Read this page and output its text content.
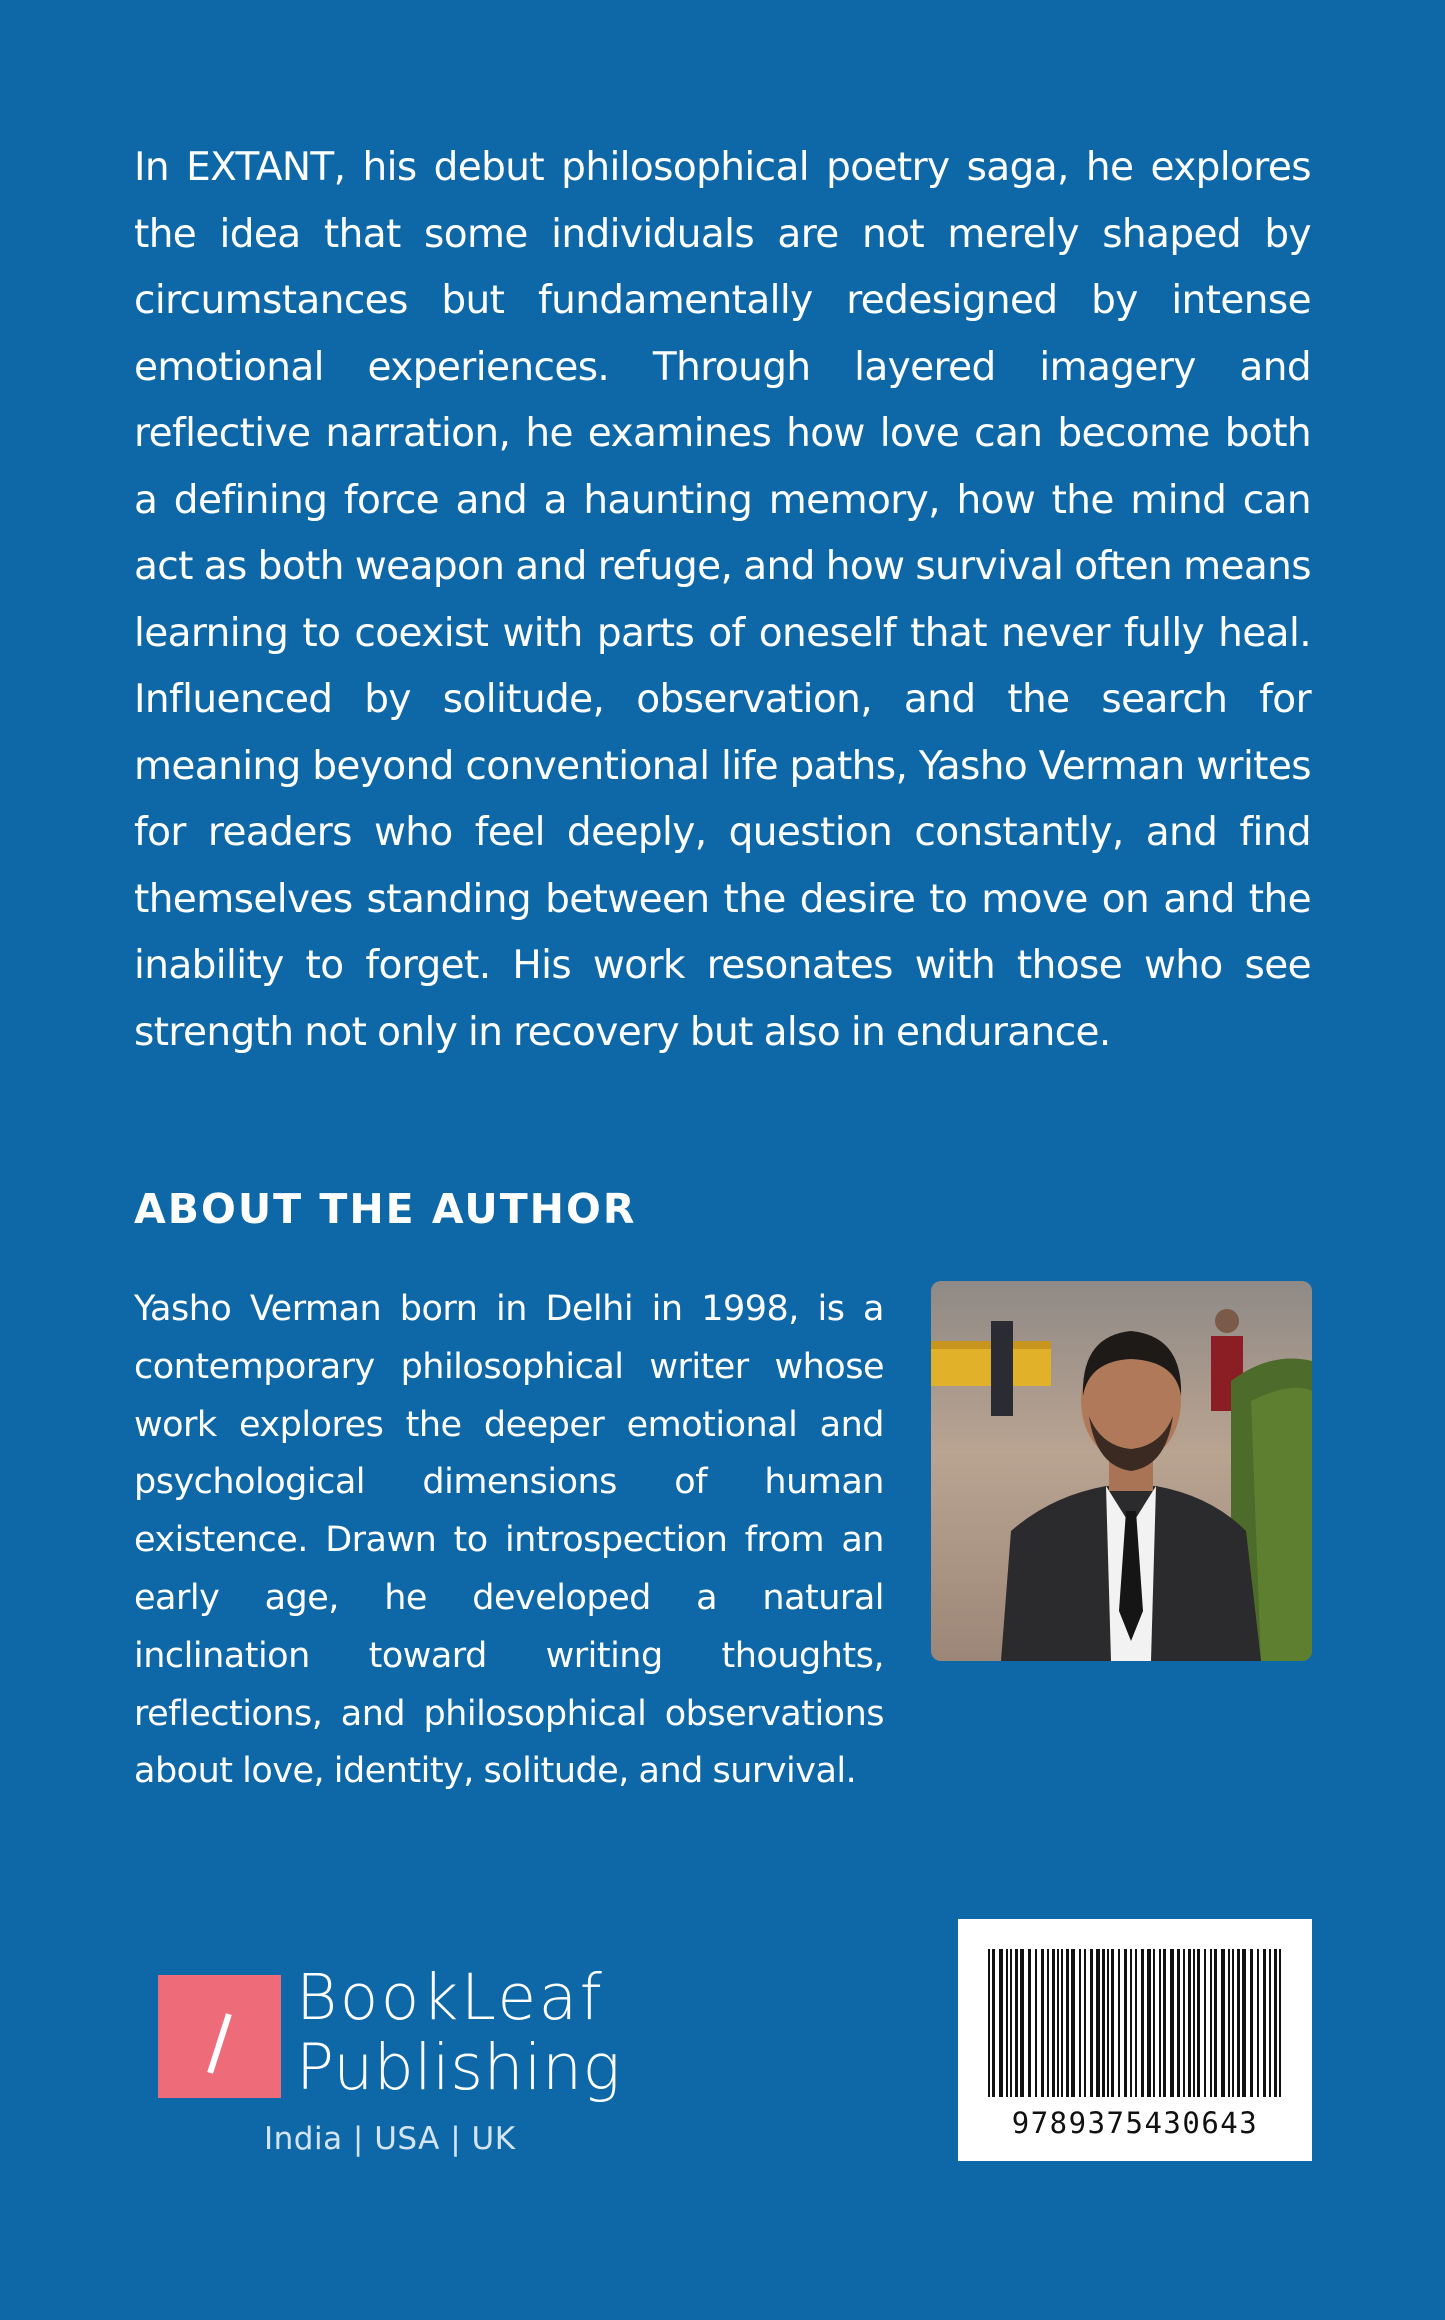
In EXTANT, his debut philosophical poetry saga, he explores the idea that some individuals are not merely shaped by circumstances but fundamentally redesigned by intense emotional experiences. Through layered imagery and reflective narration, he examines how love can become both a defining force and a haunting memory, how the mind can act as both weapon and refuge, and how survival often means learning to coexist with parts of oneself that never fully heal. Influenced by solitude, observation, and the search for meaning beyond conventional life paths, Yasho Verman writes for readers who feel deeply, question constantly, and find themselves standing between the desire to move on and the inability to forget. His work resonates with those who see strength not only in recovery but also in endurance.

ABOUT THE AUTHOR

Yasho Verman born in Delhi in 1998, is a contemporary philosophical writer whose work explores the deeper emotional and psychological dimensions of human existence. Drawn to introspection from an early age, he developed a natural inclination toward writing thoughts, reflections, and philosophical observations about love, identity, solitude, and survival.

BookLeaf
Publishing
India | USA | UK	9789375430643
